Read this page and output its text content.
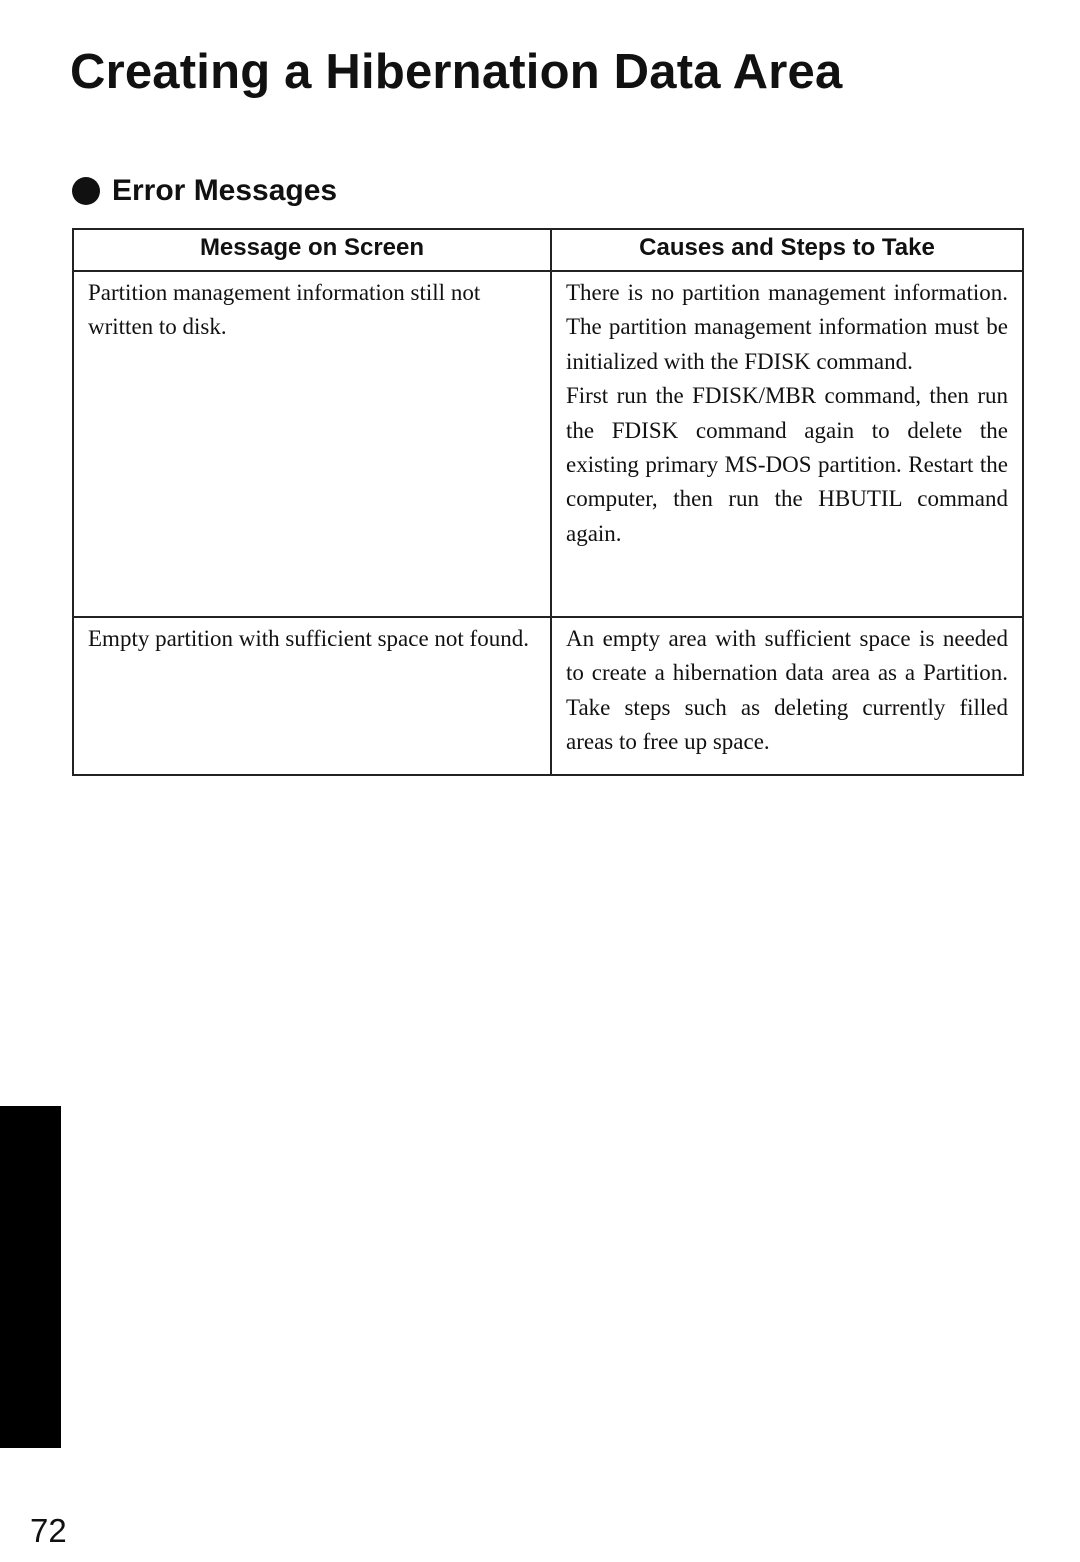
Creating a Hibernation Data Area
Error Messages
Message on Screen	Causes and Steps to Take

Partition management information still not written to disk.	There is no partition management information. The partition management information must be initialized with the FDISK command.
First run the FDISK/MBR command, then run the FDISK command again to delete the existing primary MS-DOS partition. Restart the computer, then run the HBUTIL command again.

Empty partition with sufficient space not found.	An empty area with sufficient space is needed to create a hibernation data area as a Partition. Take steps such as deleting currently filled areas to free up space.
72
